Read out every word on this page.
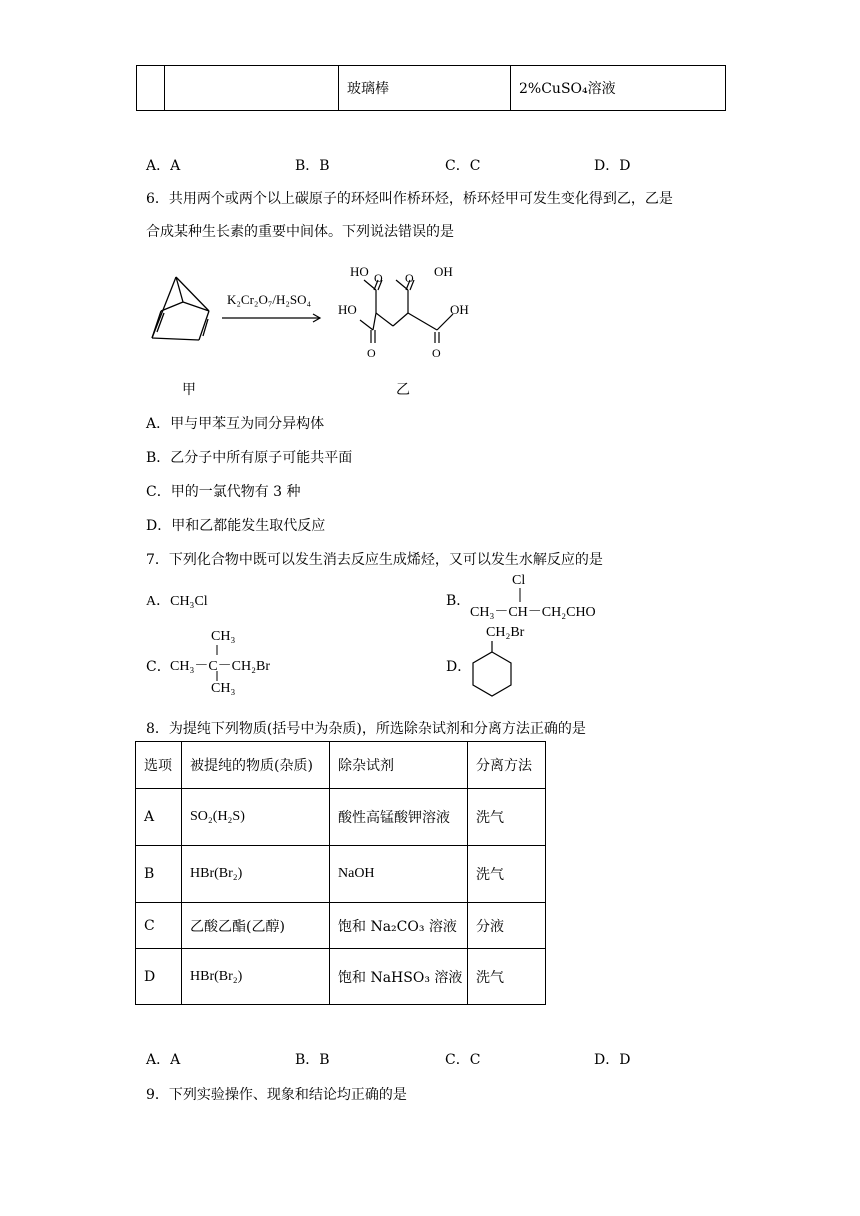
		玻璃棒	2%CuSO₄溶液
A．A	B．B	C．C	D．D
6．共用两个或两个以上碳原子的环烃叫作桥环烃，桥环烃甲可发生变化得到乙，乙是
合成某种生长素的重要中间体。下列说法错误的是
K₂Cr₂O₇/H₂SO₄
HO O O OH
HO
O
OH
O
甲	乙
A．甲与甲苯互为同分异构体
B．乙分子中所有原子可能共平面
C．甲的一氯代物有 3 种
D．甲和乙都能发生取代反应
7．下列化合物中既可以发生消去反应生成烯烃，又可以发生水解反应的是
A．CH₃Cl	B．
Cl
CH₃－CH－CH₂CHO
C．
CH₃
CH₃－C－CH₂Br
CH₃
D．
CH₂Br
8．为提纯下列物质(括号中为杂质)，所选除杂试剂和分离方法正确的是
选项	被提纯的物质(杂质)	除杂试剂	分离方法
A	SO₂(H₂S)	酸性高锰酸钾溶液	洗气
B	HBr(Br₂)	NaOH	洗气
C	乙酸乙酯(乙醇)	饱和 Na₂CO₃ 溶液	分液
D	HBr(Br₂)	饱和 NaHSO₃ 溶液	洗气
A．A	B．B	C．C	D．D
9．下列实验操作、现象和结论均正确的是
